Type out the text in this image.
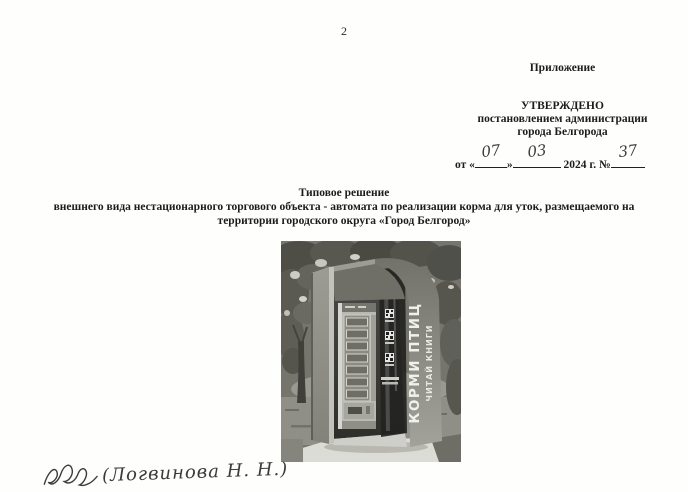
2
Приложение
УТВЕРЖДЕНО
постановлением администрации
города Белгорода
от «
07
»
03
2024 г. №
37
Типовое решение
внешнего вида нестационарного торгового объекта - автомата по реализации корма для уток, размещаемого на
территории городского округа «Город Белгород»
КОРМИ ПТИЦ ЧИТАЙ КНИГИ
(Логвинова Н. Н.)
